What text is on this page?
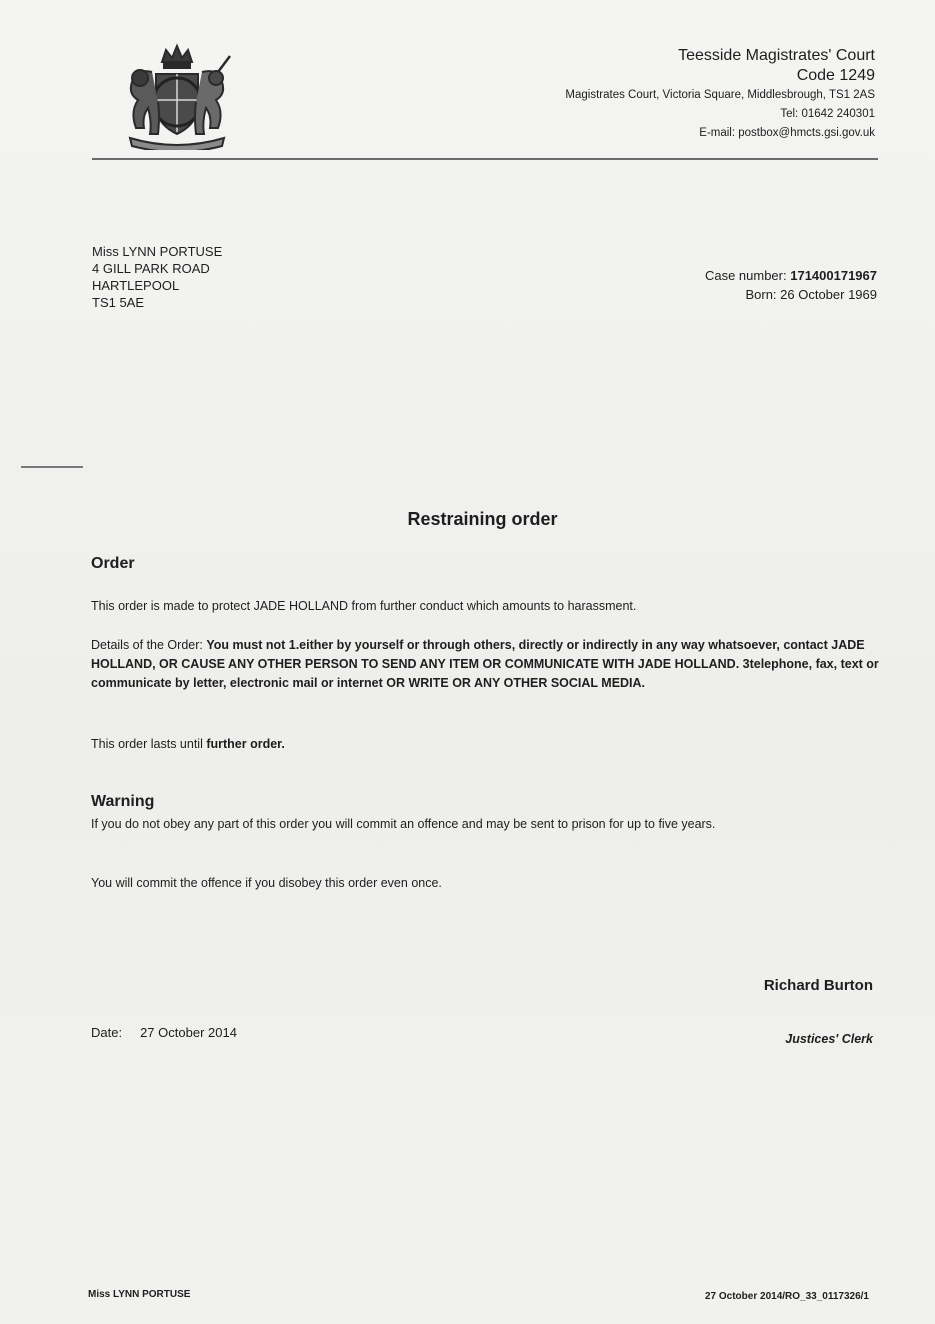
Teesside Magistrates' Court
Code 1249
Magistrates Court, Victoria Square, Middlesbrough, TS1 2AS
Tel: 01642 240301
E-mail: postbox@hmcts.gsi.gov.uk
Miss LYNN PORTUSE
4 GILL PARK ROAD
HARTLEPOOL
TS1 5AE
Case number: 171400171967
Born: 26 October 1969
Restraining order
Order
This order is made to protect JADE HOLLAND from further conduct which amounts to harassment.
Details of the Order: You must not 1.either by yourself or through others, directly or indirectly in any way whatsoever, contact JADE HOLLAND, OR CAUSE ANY OTHER PERSON TO SEND ANY ITEM OR COMMUNICATE WITH JADE HOLLAND. 3telephone, fax, text or communicate by letter, electronic mail or internet OR WRITE OR ANY OTHER SOCIAL MEDIA.
This order lasts until further order.
Warning
If you do not obey any part of this order you will commit an offence and may be sent to prison for up to five years.
You will commit the offence if you disobey this order even once.
Richard Burton
Justices' Clerk
Date: 27 October 2014
Miss LYNN PORTUSE	27 October 2014/RO_33_0117326/1
